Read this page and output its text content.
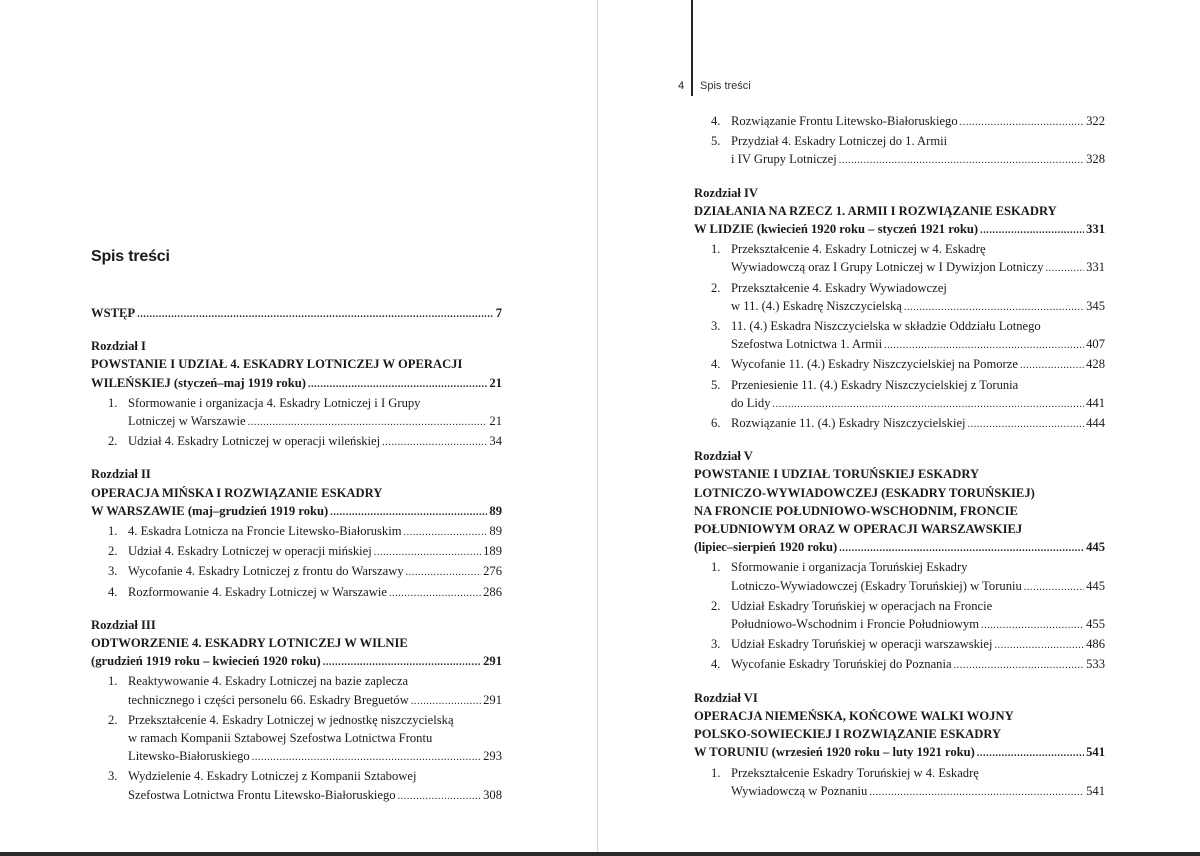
4 Spis treści
Spis treści
WSTĘP .....	7
Rozdział I
POWSTANIE I UDZIAŁ 4. ESKADRY LOTNICZEJ W OPERACJI
WILEŃSKIEJ (styczeń–maj 1919 roku) .....	21
1. Sformowanie i organizacja 4. Eskadry Lotniczej i I Grupy
Lotniczej w Warszawie .....	21
2. Udział 4. Eskadry Lotniczej w operacji wileńskiej .....	34
Rozdział II
OPERACJA MIŃSKA I ROZWIĄZANIE ESKADRY
W WARSZAWIE (maj–grudzień 1919 roku) .....	89
1. 4. Eskadra Lotnicza na Froncie Litewsko-Białoruskim .....	89
2. Udział 4. Eskadry Lotniczej w operacji mińskiej .....	189
3. Wycofanie 4. Eskadry Lotniczej z frontu do Warszawy .....	276
4. Rozformowanie 4. Eskadry Lotniczej w Warszawie .....	286
Rozdział III
ODTWORZENIE 4. ESKADRY LOTNICZEJ W WILNIE
(grudzień 1919 roku – kwiecień 1920 roku) .....	291
1. Reaktywowanie 4. Eskadry Lotniczej na bazie zaplecza
technicznego i części personelu 66. Eskadry Breguetów .....	291
2. Przekształcenie 4. Eskadry Lotniczej w jednostkę niszczycielską
w ramach Kompanii Sztabowej Szefostwa Lotnictwa Frontu
Litewsko-Białoruskiego .....	293
3. Wydzielenie 4. Eskadry Lotniczej z Kompanii Sztabowej
Szefostwa Lotnictwa Frontu Litewsko-Białoruskiego .....	308
4. Rozwiązanie Frontu Litewsko-Białoruskiego .....	322
5. Przydział 4. Eskadry Lotniczej do 1. Armii
i IV Grupy Lotniczej .....	328
Rozdział IV
DZIAŁANIA NA RZECZ 1. ARMII I ROZWIĄZANIE ESKADRY
W LIDZIE (kwiecień 1920 roku – styczeń 1921 roku) .....	331
1. Przekształcenie 4. Eskadry Lotniczej w 4. Eskadrę
Wywiadowczą oraz I Grupy Lotniczej w I Dywizjon Lotniczy .....	331
2. Przekształcenie 4. Eskadry Wywiadowczej
w 11. (4.) Eskadrę Niszczycielską .....	345
3. 11. (4.) Eskadra Niszczycielska w składzie Oddziału Lotnego
Szefostwa Lotnictwa 1. Armii .....	407
4. Wycofanie 11. (4.) Eskadry Niszczycielskiej na Pomorze .....	428
5. Przeniesienie 11. (4.) Eskadry Niszczycielskiej z Torunia
do Lidy .....	441
6. Rozwiązanie 11. (4.) Eskadry Niszczycielskiej .....	444
Rozdział V
POWSTANIE I UDZIAŁ TORUŃSKIEJ ESKADRY
LOTNICZO-WYWIADOWCZEJ (ESKADRY TORUŃSKIEJ)
NA FRONCIE POŁUDNIOWO-WSCHODNIM, FRONCIE
POŁUDNIOWYM ORAZ W OPERACJI WARSZAWSKIEJ
(lipiec–sierpień 1920 roku) .....	445
1. Sformowanie i organizacja Toruńskiej Eskadry
Lotniczo-Wywiadowczej (Eskadry Toruńskiej) w Toruniu .....	445
2. Udział Eskadry Toruńskiej w operacjach na Froncie
Południowo-Wschodnim i Froncie Południowym .....	455
3. Udział Eskadry Toruńskiej w operacji warszawskiej .....	486
4. Wycofanie Eskadry Toruńskiej do Poznania .....	533
Rozdział VI
OPERACJA NIEMEŃSKA, KOŃCOWE WALKI WOJNY
POLSKO-SOWIECKIEJ I ROZWIĄZANIE ESKADRY
W TORUNIU (wrzesień 1920 roku – luty 1921 roku) .....	541
1. Przekształcenie Eskadry Toruńskiej w 4. Eskadrę
Wywiadowczą w Poznaniu .....	541
